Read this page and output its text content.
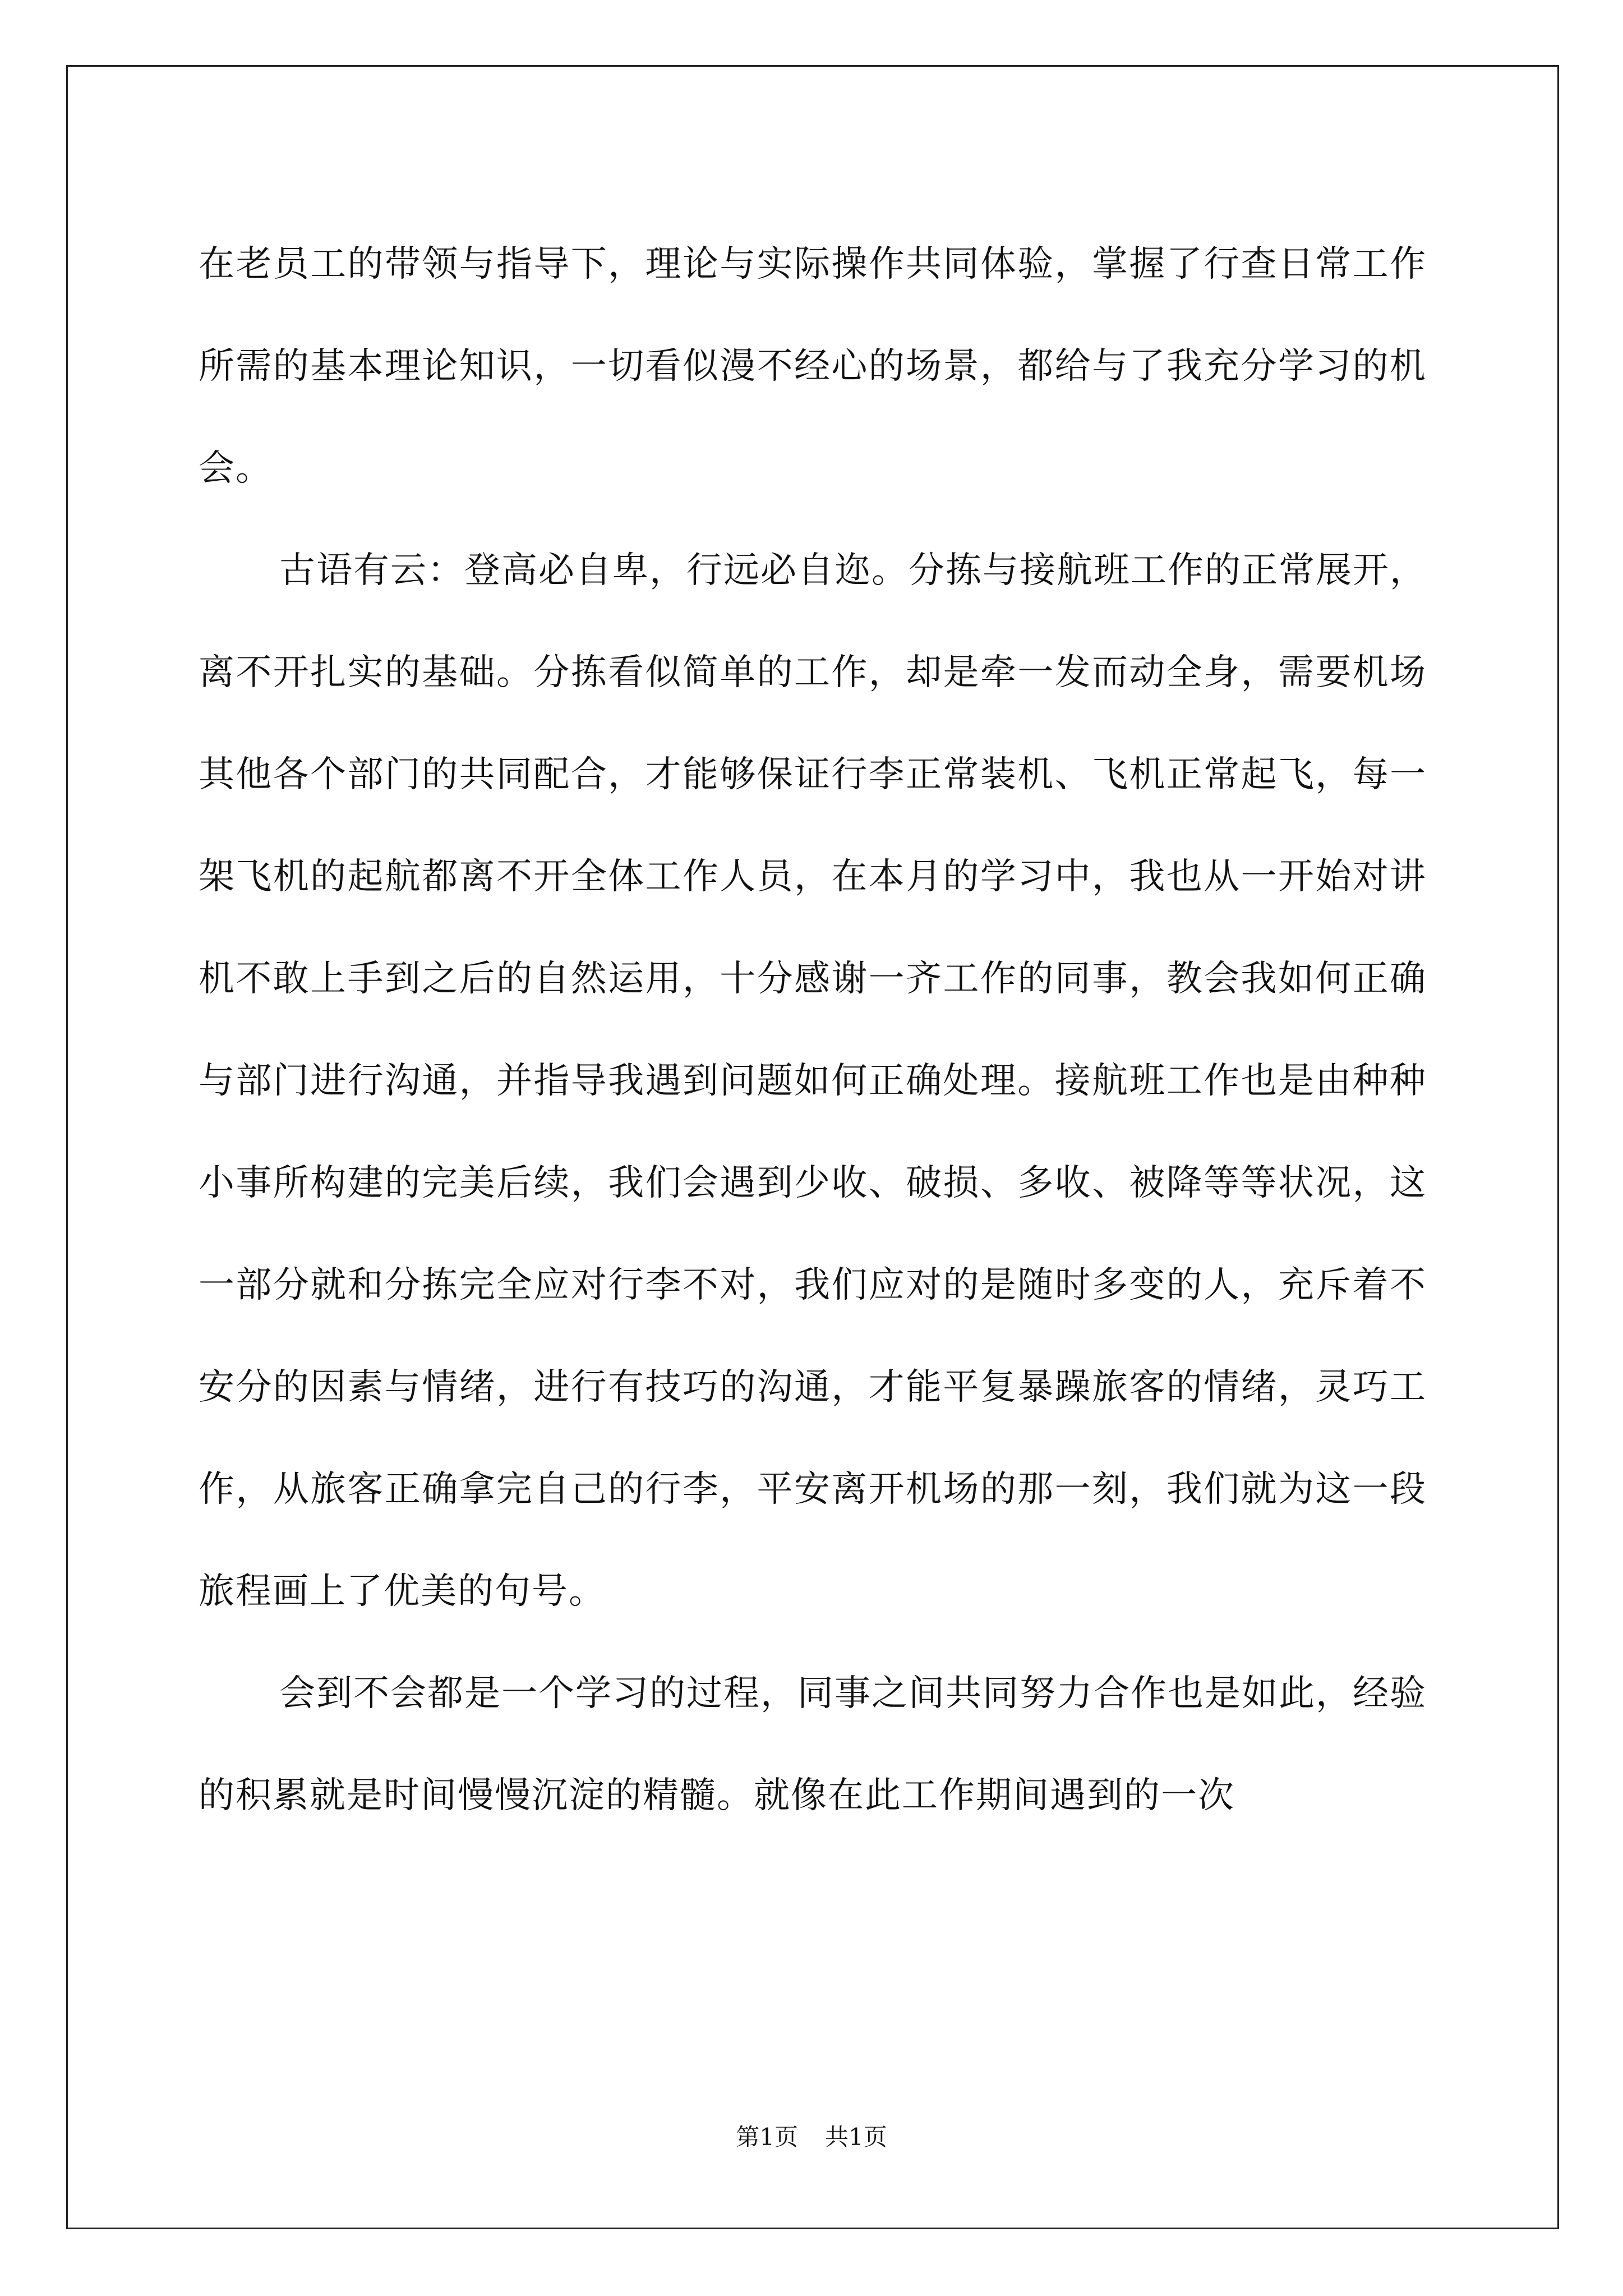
在老员工的带领与指导下，理论与实际操作共同体验，掌握了行查日常工作所需的基本理论知识，一切看似漫不经心的场景，都给与了我充分学习的机会。

古语有云：登高必自卑，行远必自迩。分拣与接航班工作的正常展开，离不开扎实的基础。分拣看似简单的工作，却是牵一发而动全身，需要机场其他各个部门的共同配合，才能够保证行李正常装机、飞机正常起飞，每一架飞机的起航都离不开全体工作人员，在本月的学习中，我也从一开始对讲机不敢上手到之后的自然运用，十分感谢一齐工作的同事，教会我如何正确与部门进行沟通，并指导我遇到问题如何正确处理。接航班工作也是由种种小事所构建的完美后续，我们会遇到少收、破损、多收、被降等等状况，这一部分就和分拣完全应对行李不对，我们应对的是随时多变的人，充斥着不安分的因素与情绪，进行有技巧的沟通，才能平复暴躁旅客的情绪，灵巧工作，从旅客正确拿完自己的行李，平安离开机场的那一刻，我们就为这一段旅程画上了优美的句号。

会到不会都是一个学习的过程，同事之间共同努力合作也是如此，经验的积累就是时间慢慢沉淀的精髓。就像在此工作期间遇到的一次

第1页 共1页
